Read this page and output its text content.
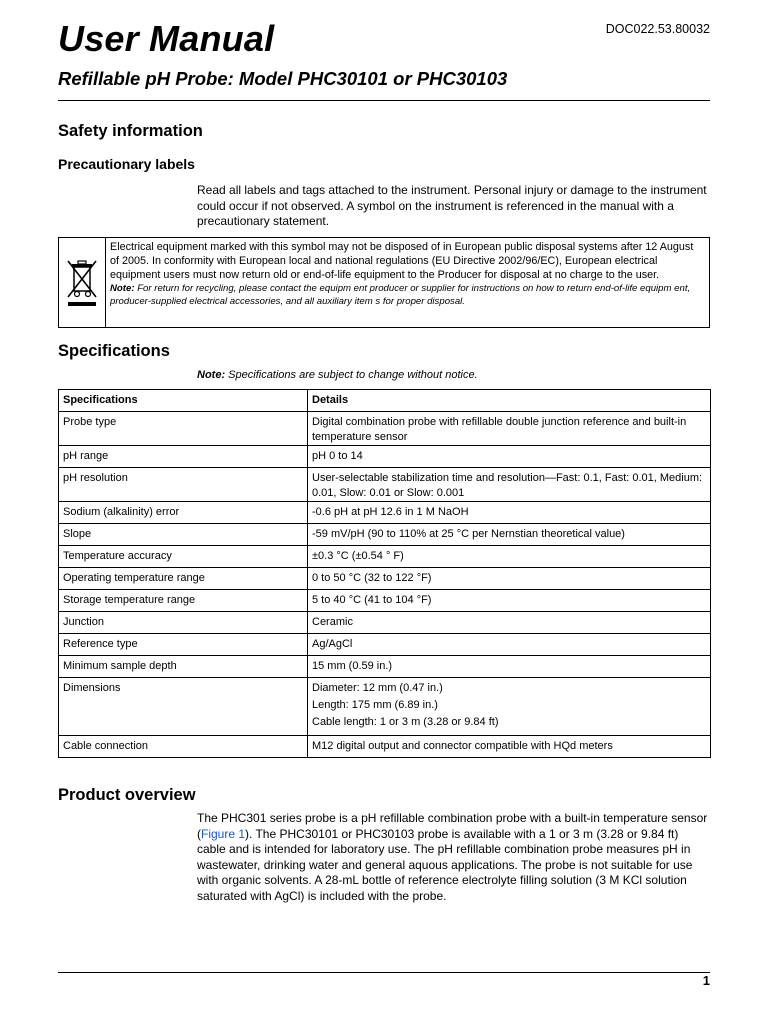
DOC022.53.80032
User Manual
Refillable pH Probe: Model PHC30101 or PHC30103
Safety information
Precautionary labels
Read all labels and tags attached to the instrument. Personal injury or damage to the instrument could occur if not observed. A symbol on the instrument is referenced in the manual with a precautionary statement.
Electrical equipment marked with this symbol may not be disposed of in European public disposal systems after 12 August of 2005. In conformity with European local and national regulations (EU Directive 2002/96/EC), European electrical equipment users must now return old or end-of-life equipment to the Producer for disposal at no charge to the user.
Note: For return for recycling, please contact the equipm ent producer or supplier for instructions on how to return end-of-life equipm ent, producer-supplied electrical accessories, and all auxiliary item s for proper disposal.
Specifications
Note: Specifications are subject to change without notice.
Specifications	Details
Probe type	Digital combination probe with refillable double junction reference and built-in temperature sensor

pH range	pH 0 to 14

pH resolution	User-selectable stabilization time and resolution—Fast: 0.1, Fast: 0.01, Medium: 0.01, Slow: 0.01 or Slow: 0.001

Sodium (alkalinity) error	-0.6 pH at pH 12.6 in 1 M NaOH

Slope	-59 mV/pH (90 to 110% at 25 °C per Nernstian theoretical value)

Temperature accuracy	±0.3 °C (±0.54 ° F)

Operating temperature range	0 to 50 °C (32 to 122 °F)

Storage temperature range	5 to 40 °C (41 to 104 °F)

Junction	Ceramic

Reference type	Ag/AgCl

Minimum sample depth	15 mm (0.59 in.)

Dimensions	Diameter: 12 mm (0.47 in.)
Length: 175 mm (6.89 in.)
Cable length: 1 or 3 m (3.28 or 9.84 ft)

Cable connection	M12 digital output and connector compatible with HQd meters
Product overview
The PHC301 series probe is a pH refillable combination probe with a built-in temperature sensor (Figure 1). The PHC30101 or PHC30103 probe is available with a 1 or 3 m (3.28 or 9.84 ft) cable and is intended for laboratory use. The pH refillable combination probe measures pH in wastewater, drinking water and general aquous applications. The probe is not suitable for use with organic solvents. A 28-mL bottle of reference electrolyte filling solution (3 M KCl solution saturated with AgCl) is included with the probe.
1
